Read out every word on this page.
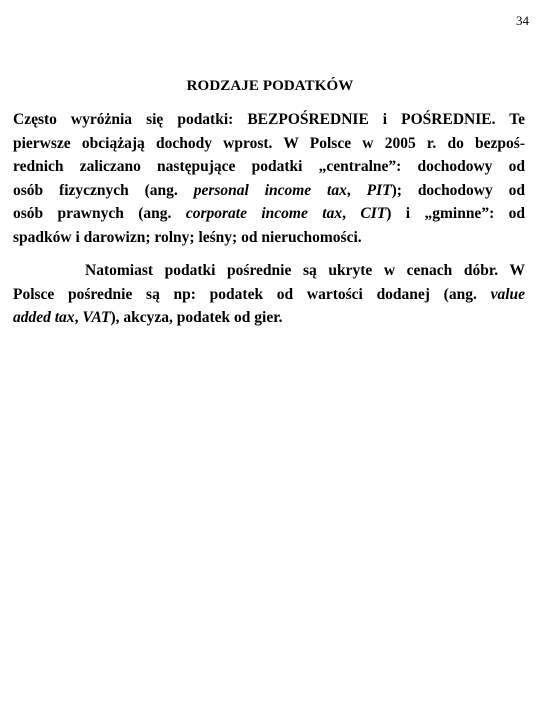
34
RODZAJE PODATKÓW
Często wyróżnia się podatki: BEZPOŚREDNIE i POŚREDNIE. Te
pierwsze obciążają dochody wprost. W Polsce w 2005 r. do bezpoś-
rednich zaliczano następujące podatki „centralne”: dochodowy od
osób fizycznych (ang. personal income tax, PIT); dochodowy od
osób prawnych (ang. corporate income tax, CIT) i „gminne”: od
spadków i darowizn; rolny; leśny; od nieruchomości.
Natomiast podatki pośrednie są ukryte w cenach dóbr. W
Polsce pośrednie są np: podatek od wartości dodanej (ang. value
added tax, VAT), akcyza, podatek od gier.
